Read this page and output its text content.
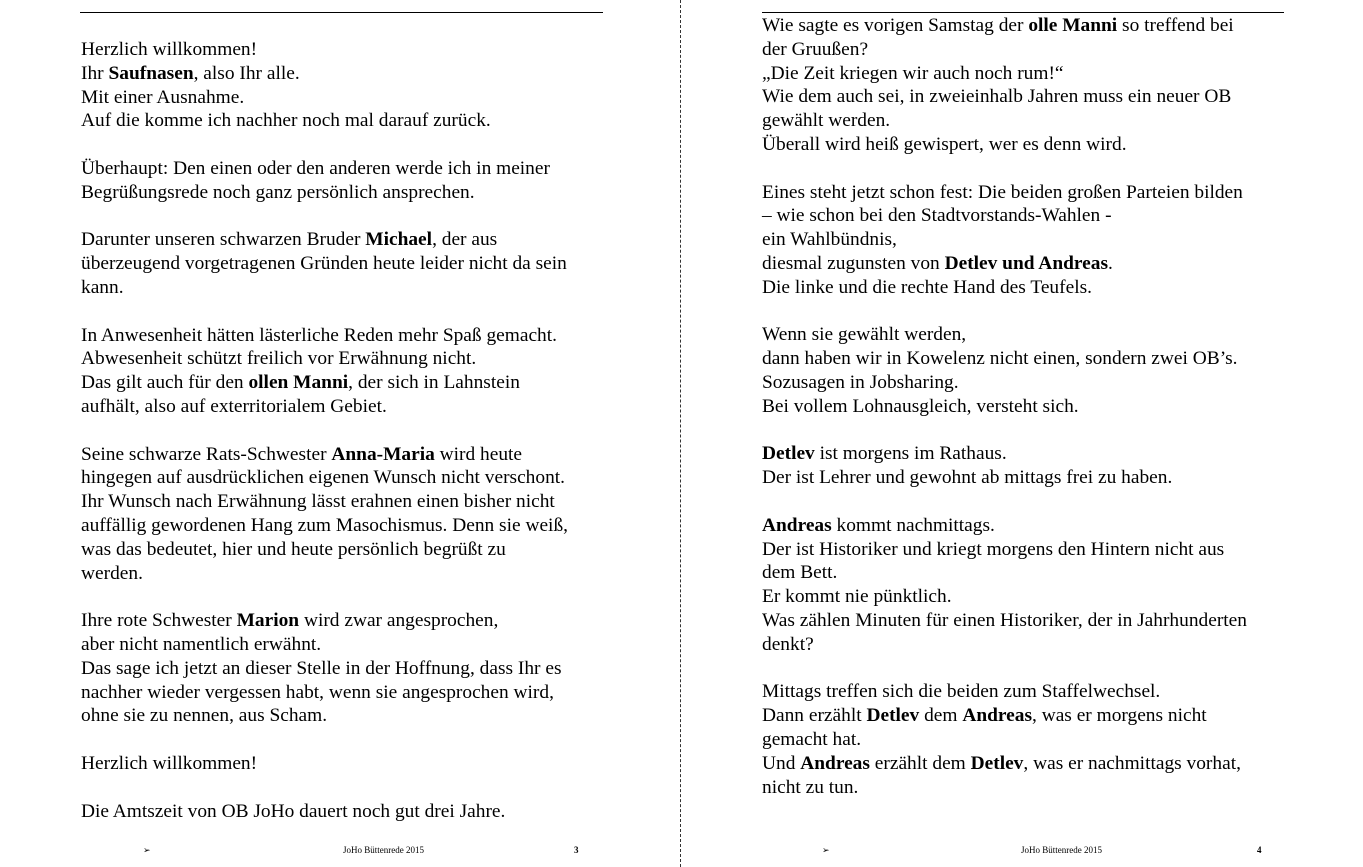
Herzlich willkommen!
Ihr Saufnasen, also Ihr alle.
Mit einer Ausnahme.
Auf die komme ich nachher noch mal darauf zurück.

Überhaupt: Den einen oder den anderen werde ich in meiner
Begrüßungsrede noch ganz persönlich ansprechen.

Darunter unseren schwarzen Bruder Michael, der aus
überzeugend vorgetragenen Gründen heute leider nicht da sein
kann.

In Anwesenheit hätten lästerliche Reden mehr Spaß gemacht.
Abwesenheit schützt freilich vor Erwähnung nicht.
Das gilt auch für den ollen Manni, der sich in Lahnstein
aufhält, also auf exterritorialem Gebiet.

Seine schwarze Rats-Schwester Anna-Maria wird heute
hingegen auf ausdrücklichen eigenen Wunsch nicht verschont.
Ihr Wunsch nach Erwähnung lässt erahnen einen bisher nicht
auffällig gewordenen Hang zum Masochismus. Denn sie weiß,
was das bedeutet, hier und heute persönlich begrüßt zu
werden.

Ihre rote Schwester Marion wird zwar angesprochen,
aber nicht namentlich erwähnt.
Das sage ich jetzt an dieser Stelle in der Hoffnung, dass Ihr es
nachher wieder vergessen habt, wenn sie angesprochen wird,
ohne sie zu nennen, aus Scham.

Herzlich willkommen!

Die Amtszeit von OB JoHo dauert noch gut drei Jahre.

➢	JoHo Büttenrede 2015	3

Wie sagte es vorigen Samstag der olle Manni so treffend bei
der Gruußen?
„Die Zeit kriegen wir auch noch rum!“
Wie dem auch sei, in zweieinhalb Jahren muss ein neuer OB
gewählt werden.
Überall wird heiß gewispert, wer es denn wird.

Eines steht jetzt schon fest: Die beiden großen Parteien bilden
– wie schon bei den Stadtvorstands-Wahlen -
ein Wahlbündnis,
diesmal zugunsten von Detlev und Andreas.
Die linke und die rechte Hand des Teufels.

Wenn sie gewählt werden,
dann haben wir in Kowelenz nicht einen, sondern zwei OB’s.
Sozusagen in Jobsharing.
Bei vollem Lohnausgleich, versteht sich.

Detlev ist morgens im Rathaus.
Der ist Lehrer und gewohnt ab mittags frei zu haben.

Andreas kommt nachmittags.
Der ist Historiker und kriegt morgens den Hintern nicht aus
dem Bett.
Er kommt nie pünktlich.
Was zählen Minuten für einen Historiker, der in Jahrhunderten
denkt?

Mittags treffen sich die beiden zum Staffelwechsel.
Dann erzählt Detlev dem Andreas, was er morgens nicht
gemacht hat.
Und Andreas erzählt dem Detlev, was er nachmittags vorhat,
nicht zu tun.

➢	JoHo Büttenrede 2015	4
